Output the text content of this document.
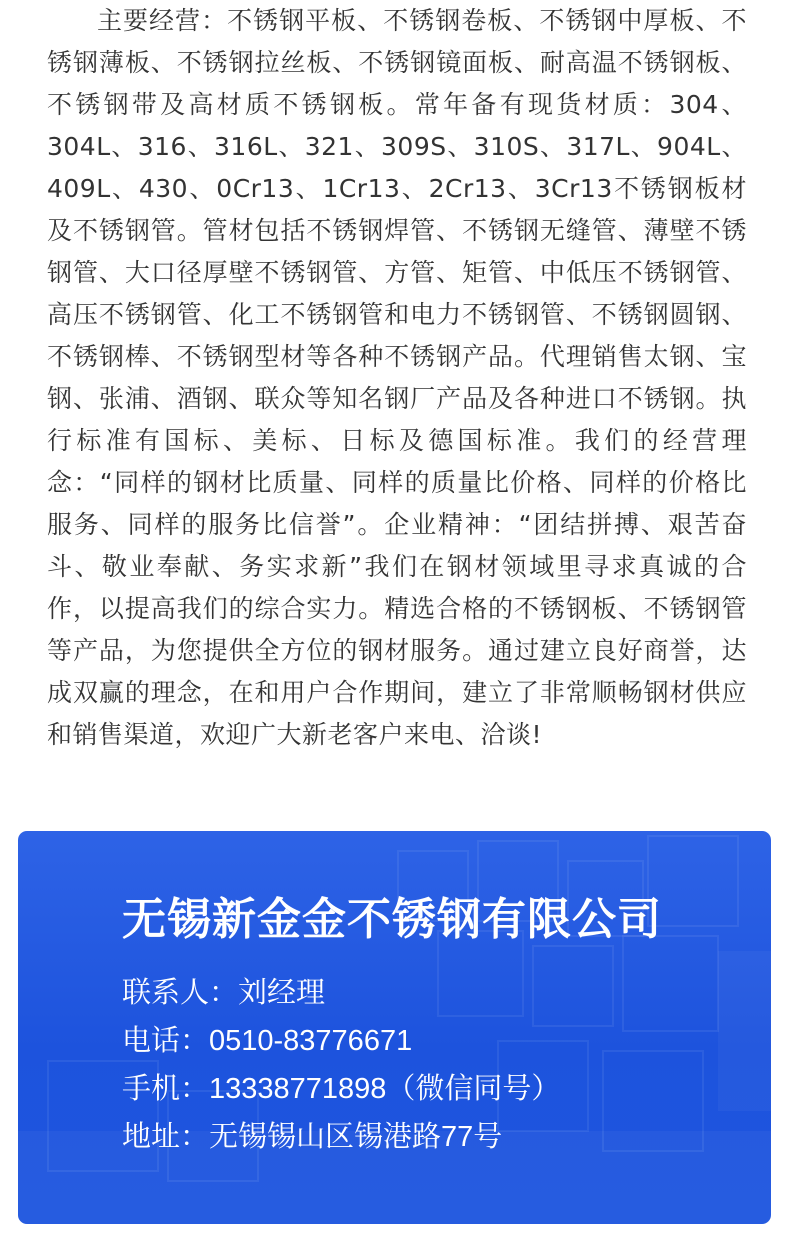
主要经营：不锈钢平板、不锈钢卷板、不锈钢中厚板、不锈钢薄板、不锈钢拉丝板、不锈钢镜面板、耐高温不锈钢板、不锈钢带及高材质不锈钢板。常年备有现货材质：304、304L、316、316L、321、309S、310S、317L、904L、409L、430、0Cr13、1Cr13、2Cr13、3Cr13不锈钢板材及不锈钢管。管材包括不锈钢焊管、不锈钢无缝管、薄壁不锈钢管、大口径厚壁不锈钢管、方管、矩管、中低压不锈钢管、高压不锈钢管、化工不锈钢管和电力不锈钢管、不锈钢圆钢、不锈钢棒、不锈钢型材等各种不锈钢产品。代理销售太钢、宝钢、张浦、酒钢、联众等知名钢厂产品及各种进口不锈钢。执行标准有国标、美标、日标及德国标准。我们的经营理念：“同样的钢材比质量、同样的质量比价格、同样的价格比服务、同样的服务比信誉”。企业精神：“团结拼搏、艰苦奋斗、敬业奉献、务实求新”我们在钢材领域里寻求真诚的合作，以提高我们的综合实力。精选合格的不锈钢板、不锈钢管等产品，为您提供全方位的钢材服务。通过建立良好商誉，达成双赢的理念，在和用户合作期间，建立了非常顺畅钢材供应和销售渠道，欢迎广大新老客户来电、洽谈!

无锡新金金不锈钢有限公司
联系人：刘经理
电话：0510-83776671
手机：13338771898（微信同号）
地址：无锡锡山区锡港路77号
